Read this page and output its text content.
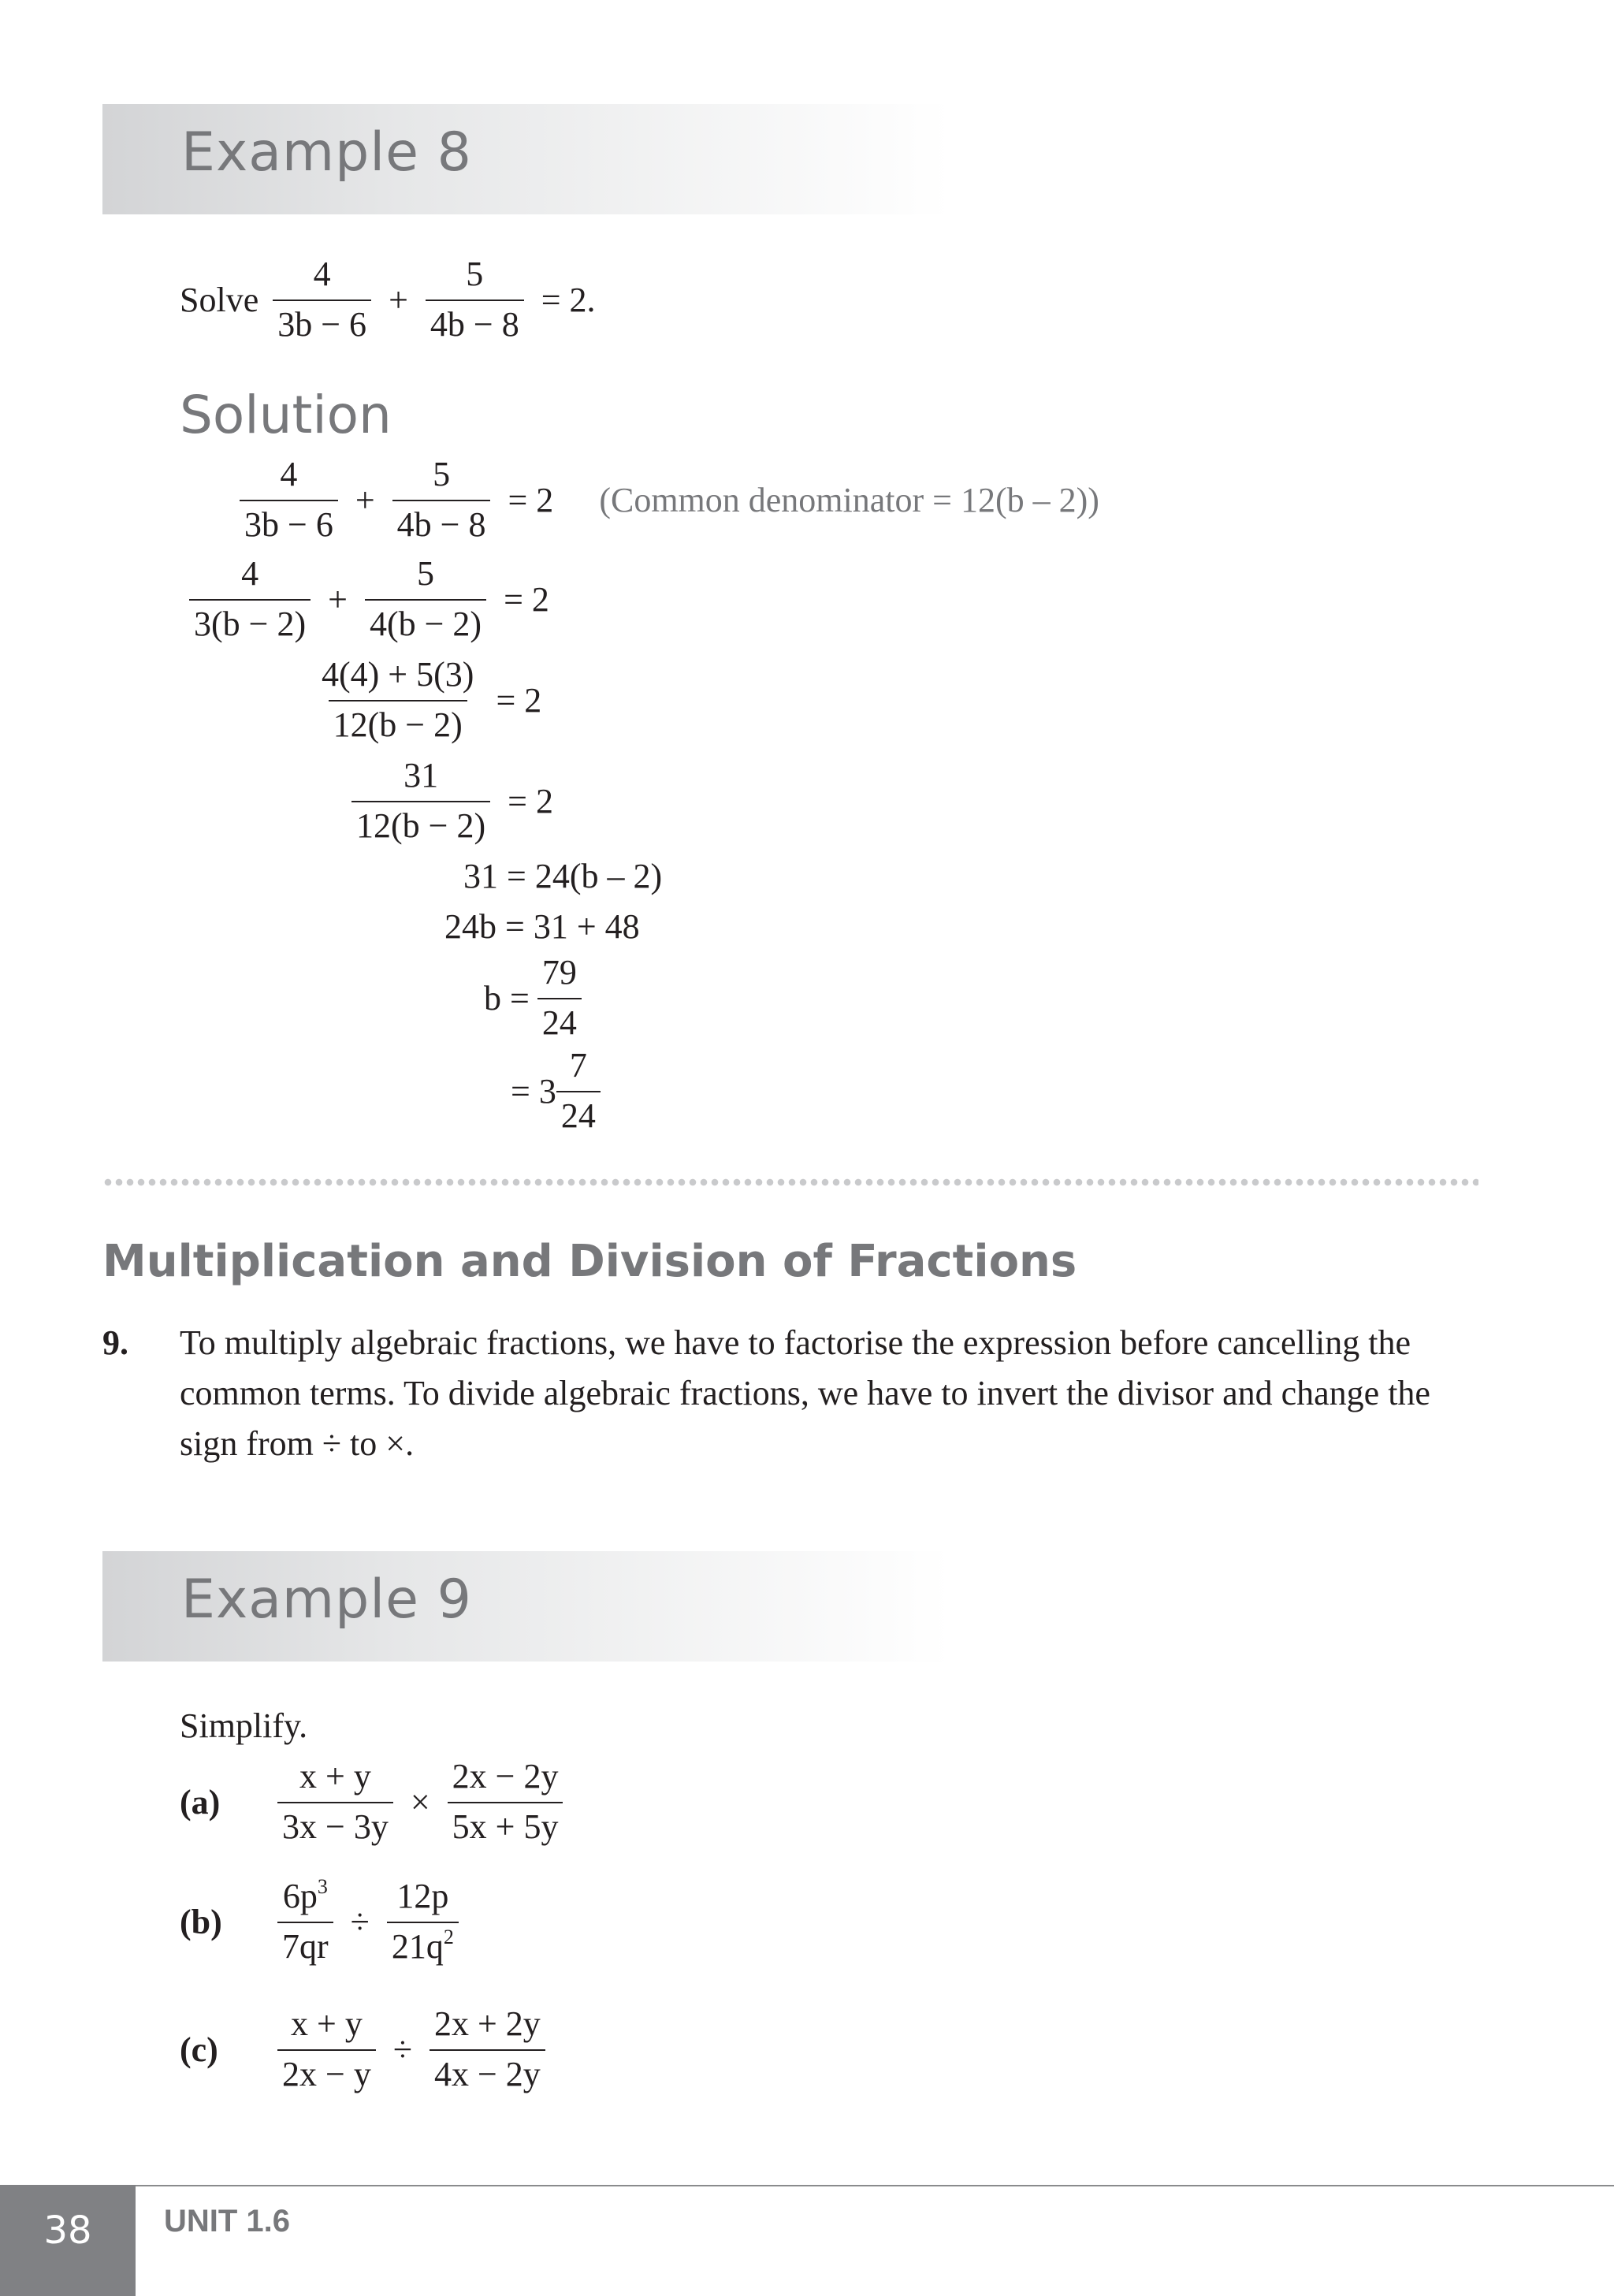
Example 8
Solve $\frac{4}{3b - 6} + \frac{5}{4b - 8} = 2$.
Solution
$\frac{4}{3b - 6} + \frac{5}{4b - 8} = 2$ (Common denominator = 12(b – 2))
$\frac{4}{3(b - 2)} + \frac{5}{4(b - 2)} = 2$
$\frac{4(4) + 5(3)}{12(b - 2)} = 2$
$\frac{31}{12(b - 2)} = 2$
31 = 24(b – 2)
24b = 31 + 48
$b = \frac{79}{24}$
= $3 \frac{7}{24}$
Multiplication and Division of Fractions
9. To multiply algebraic fractions, we have to factorise the expression before cancelling the common terms. To divide algebraic fractions, we have to invert the divisor and change the sign from ÷ to ×.
Example 9
Simplify.
(a)	$\frac{x + y}{3x - 3y} \times \frac{2x - 2y}{5x + 5y}$
(b)	$\frac{6p^3}{7qr} \div \frac{12p}{21q^2}$
(c)	$\frac{x + y}{2x - y} \div \frac{2x + 2y}{4x - 2y}$
38	UNIT 1.6
